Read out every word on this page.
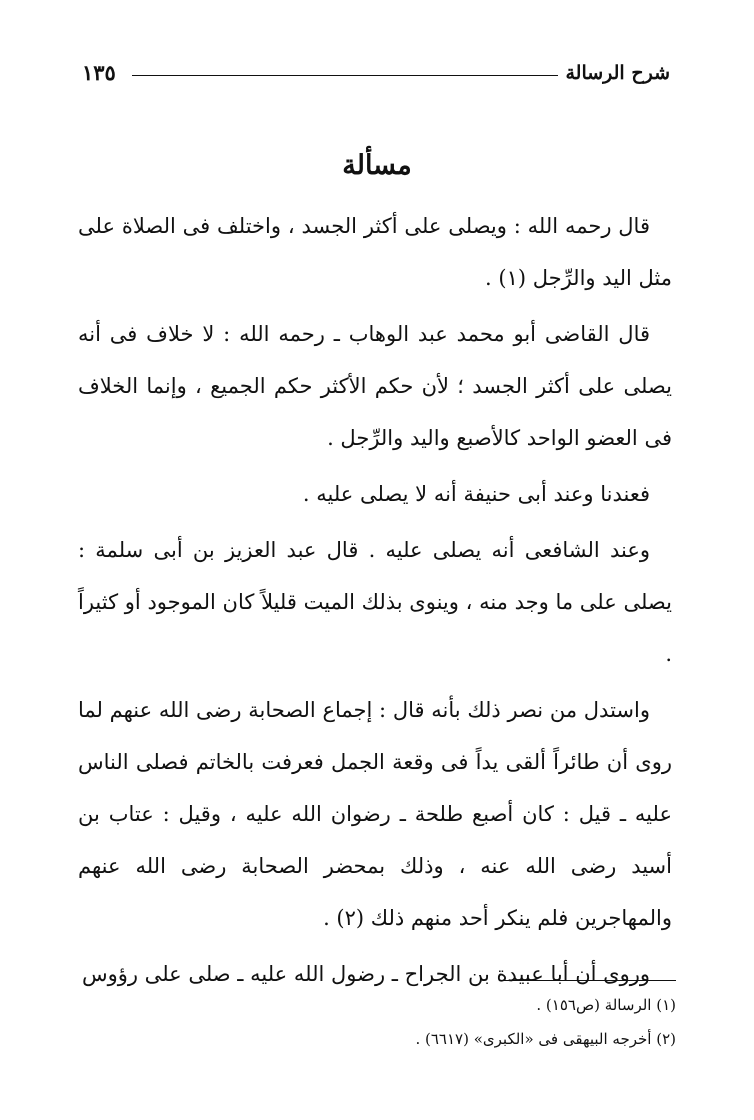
شرح الرسالة
١٣٥
مسألة

قال رحمه الله : ويصلى على أكثر الجسد ، واختلف فى الصلاة على مثل اليد والرِّجل (١) .

قال القاضى أبو محمد عبد الوهاب ـ رحمه الله : لا خلاف فى أنه يصلى على أكثر الجسد ؛ لأن حكم الأكثر حكم الجميع ، وإنما الخلاف فى العضو الواحد كالأصبع واليد والرِّجل .

فعندنا وعند أبى حنيفة أنه لا يصلى عليه .

وعند الشافعى أنه يصلى عليه . قال عبد العزيز بن أبى سلمة : يصلى على ما وجد منه ، وينوى بذلك الميت قليلاً كان الموجود أو كثيراً .

واستدل من نصر ذلك بأنه قال : إجماع الصحابة رضى الله عنهم لما روى أن طائراً ألقى يداً فى وقعة الجمل فعرفت بالخاتم فصلى الناس عليه ـ قيل : كان أصبع طلحة ـ رضوان الله عليه ، وقيل : عتاب بن أسيد رضى الله عنه ، وذلك بمحضر الصحابة رضى الله عنهم والمهاجرين فلم ينكر أحد منهم ذلك (٢) .

وروى أن أبا عبيدة بن الجراح ـ رضول الله عليه ـ صلى على رؤوس

(١) الرسالة (ص١٥٦) .

(٢) أخرجه البيهقى فى «الكبرى» (٦٦١٧) .
